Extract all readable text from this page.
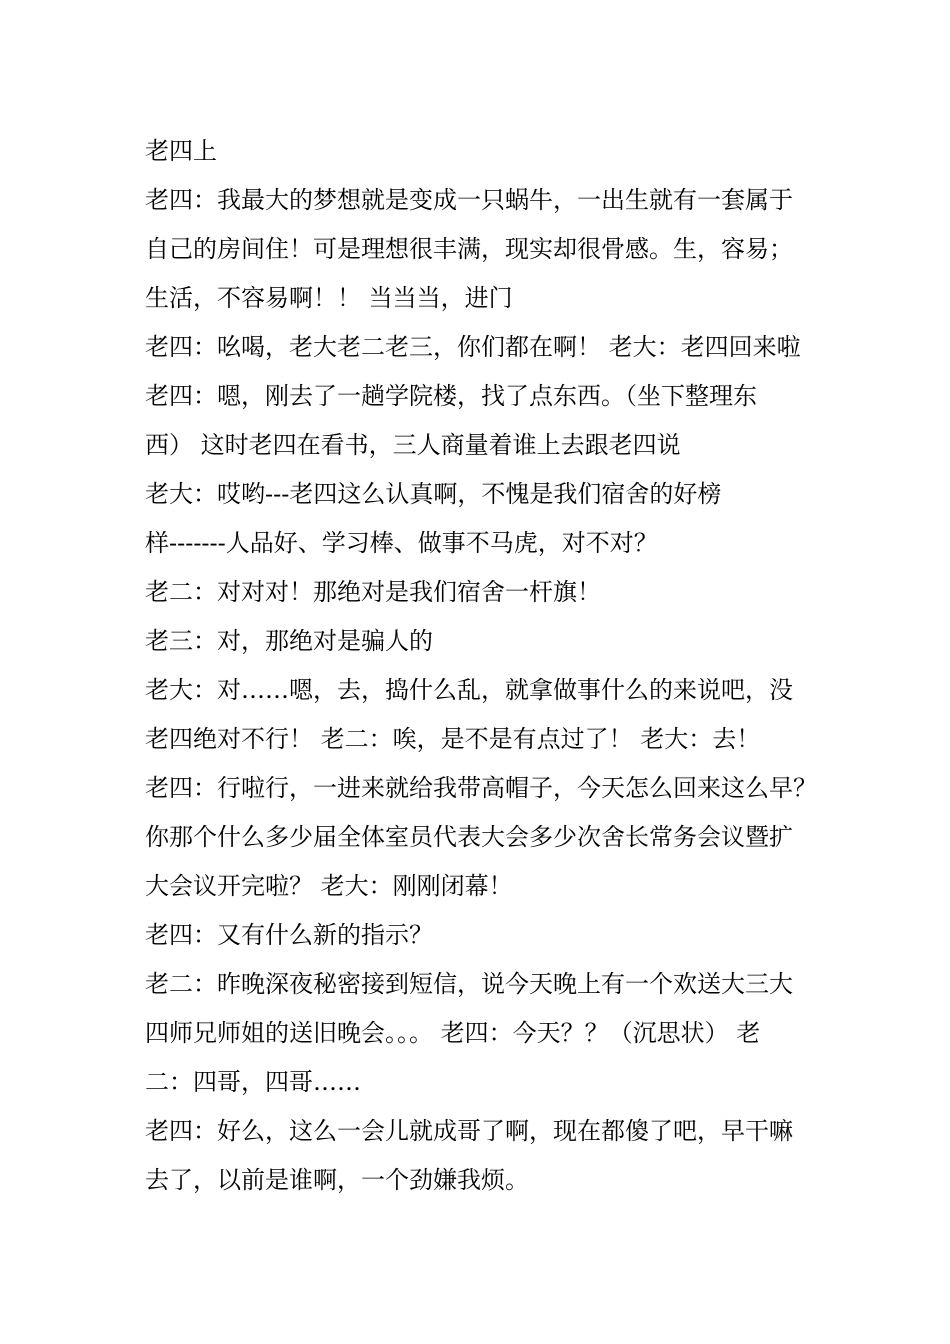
老四上
老四：我最大的梦想就是变成一只蜗牛，一出生就有一套属于
自己的房间住！可是理想很丰满，现实却很骨感。生，容易；
生活，不容易啊！！ 当当当，进门
老四：吆喝，老大老二老三，你们都在啊！ 老大：老四回来啦
老四：嗯，刚去了一趟学院楼，找了点东西。（坐下整理东
西） 这时老四在看书，三人商量着谁上去跟老四说
老大：哎哟---老四这么认真啊，不愧是我们宿舍的好榜
样-------人品好、学习棒、做事不马虎，对不对？
老二：对对对！那绝对是我们宿舍一杆旗！
老三：对，那绝对是骗人的
老大：对……嗯，去，捣什么乱，就拿做事什么的来说吧，没
老四绝对不行！ 老二：唉，是不是有点过了！ 老大：去！
老四：行啦行，一进来就给我带高帽子，今天怎么回来这么早？
你那个什么多少届全体室员代表大会多少次舍长常务会议暨扩
大会议开完啦？ 老大：刚刚闭幕！
老四：又有什么新的指示？
老二：昨晚深夜秘密接到短信，说今天晚上有一个欢送大三大
四师兄师姐的送旧晚会。。。 老四：今天？？（沉思状） 老
二：四哥，四哥……
老四：好么，这么一会儿就成哥了啊，现在都傻了吧，早干嘛
去了，以前是谁啊，一个劲嫌我烦。
